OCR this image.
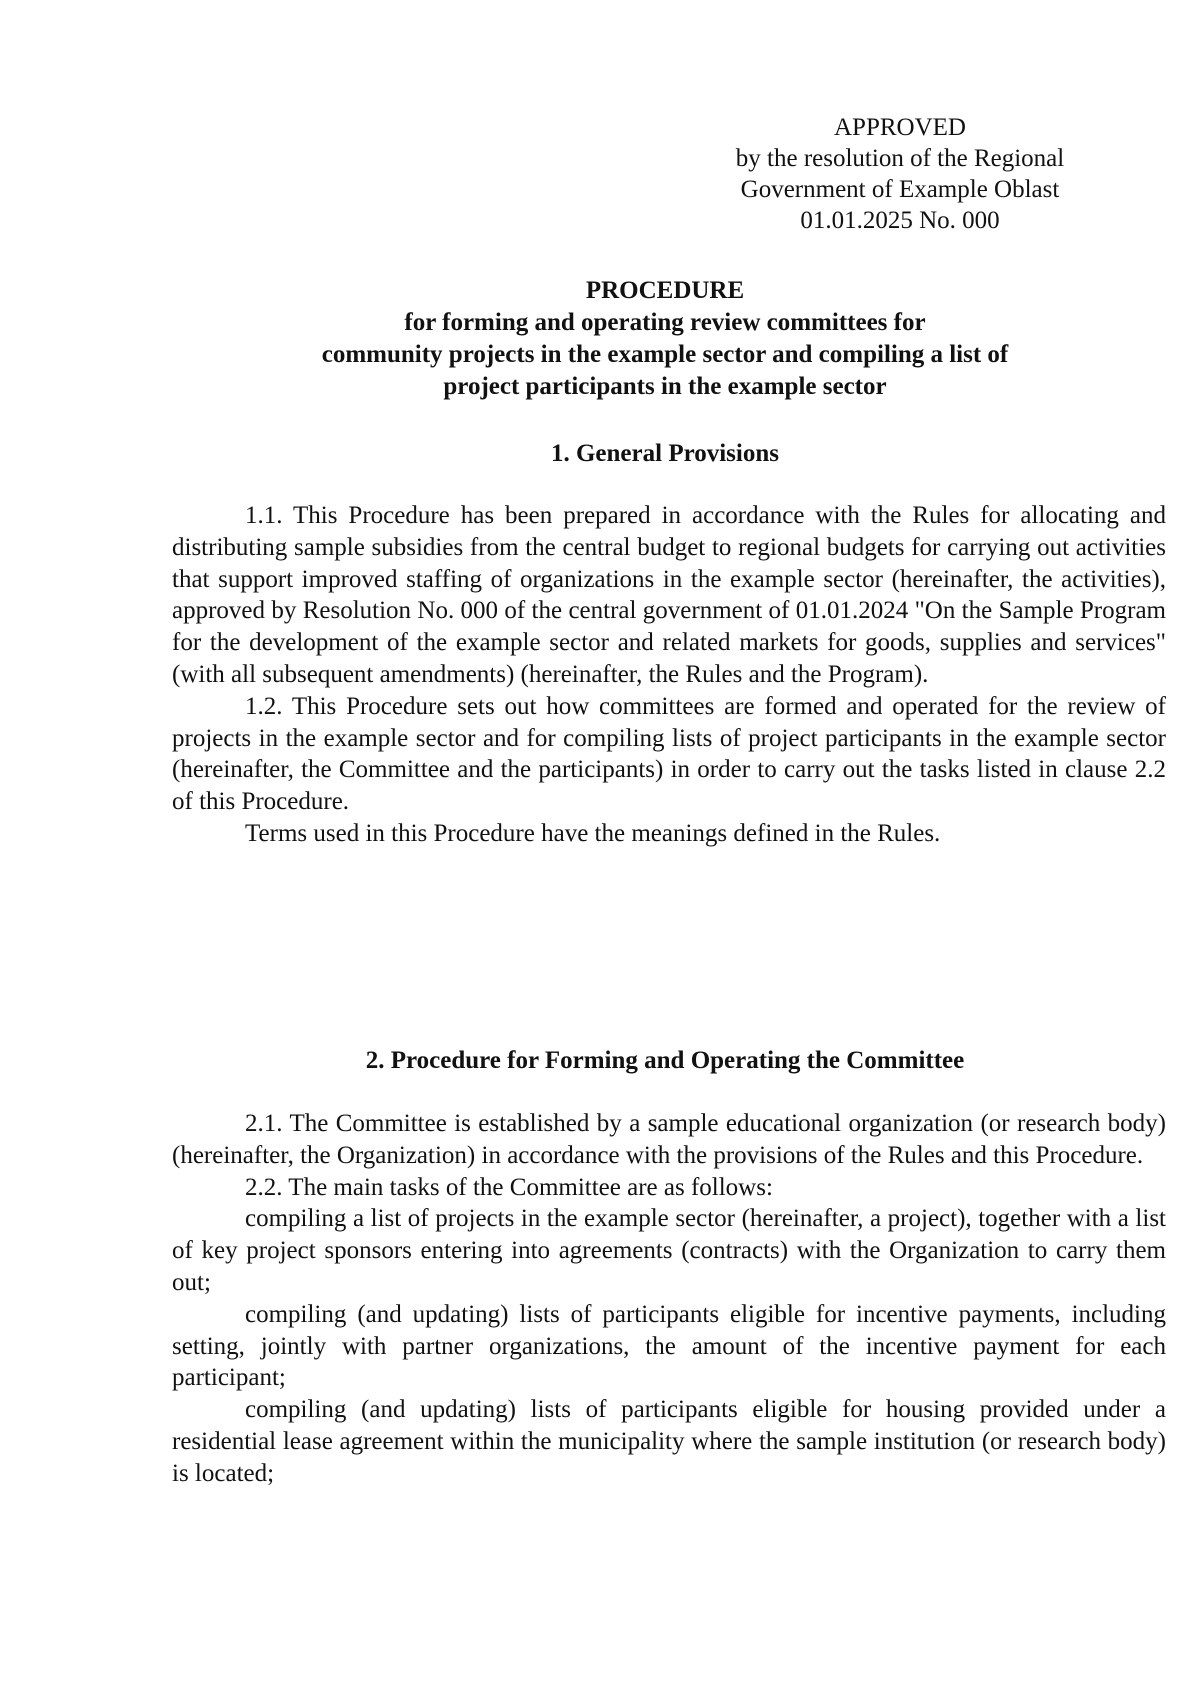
APPROVED
by the resolution of the Regional
Government of Example Oblast
01.01.2025 No. 000
PROCEDURE
for forming and operating review committees for
community projects in the example sector and compiling a list of
project participants in the example sector
1. General Provisions

1.1. This Procedure has been prepared in accordance with the Rules for allocating and distributing sample subsidies from the central budget to regional budgets for carrying out activities that support improved staffing of organizations in the example sector (hereinafter, the activities), approved by Resolution No. 000 of the central government of 01.01.2024 "On the Sample Program for the development of the example sector and related markets for goods, supplies and services" (with all subsequent amendments) (hereinafter, the Rules and the Program).

1.2. This Procedure sets out how committees are formed and operated for the review of projects in the example sector and for compiling lists of project participants in the example sector (hereinafter, the Committee and the participants) in order to carry out the tasks listed in clause 2.2 of this Procedure.

Terms used in this Procedure have the meanings defined in the Rules.

2. Procedure for Forming and Operating the Committee

2.1. The Committee is established by a sample educational organization (or research body) (hereinafter, the Organization) in accordance with the provisions of the Rules and this Procedure.

2.2. The main tasks of the Committee are as follows:

compiling a list of projects in the example sector (hereinafter, a project), together with a list of key project sponsors entering into agreements (contracts) with the Organization to carry them out;

compiling (and updating) lists of participants eligible for incentive payments, including setting, jointly with partner organizations, the amount of the incentive payment for each participant;

compiling (and updating) lists of participants eligible for housing provided under a residential lease agreement within the municipality where the sample institution (or research body) is located;
